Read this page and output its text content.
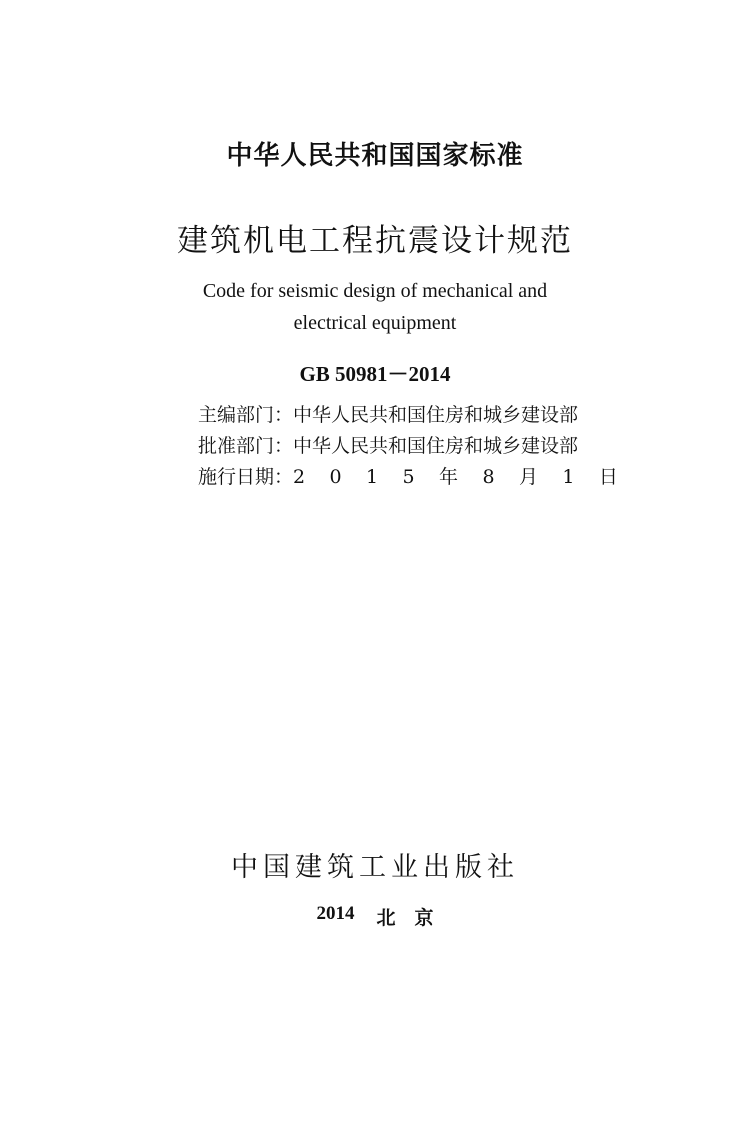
中华人民共和国国家标准
建筑机电工程抗震设计规范
Code for seismic design of mechanical and
electrical equipment
GB 50981－2014
主编部门 ： 中华人民共和国住房和城乡建设部
批准部门 ： 中华人民共和国住房和城乡建设部
施行日期 ： 2 0 1 5 年 8 月 1 日
中国建筑工业出版社
2014 北　京
